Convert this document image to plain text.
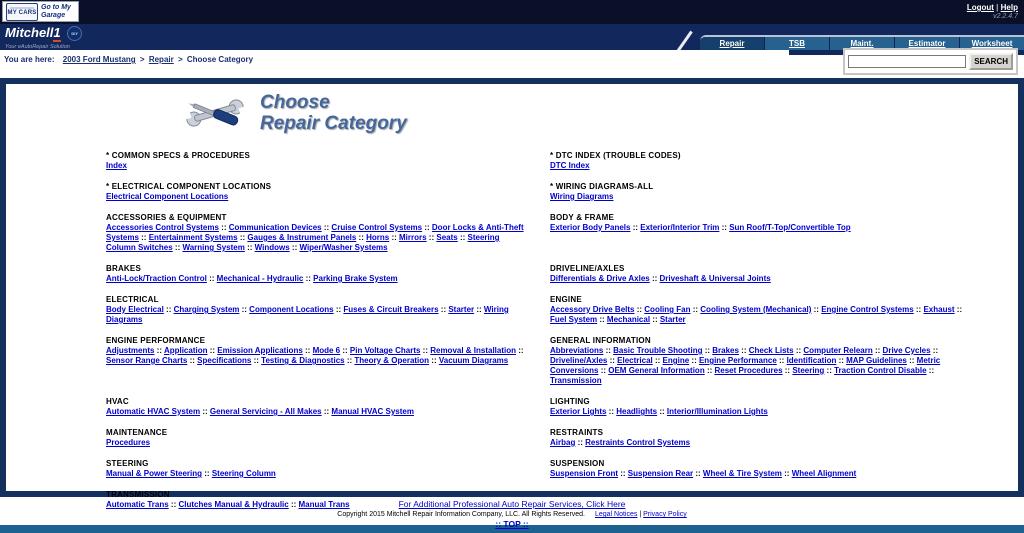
MY CARS
Go to My Garage
Logout | Help
v2.2.4.7
Mitchell1	DIY
Your eAutoRepair Solution	Repair	TSB	Maint.	Estimator	Worksheet
You are here: 2003 Ford Mustang > Repair > Choose Category	SEARCH
Choose
Repair Category
* COMMON SPECS & PROCEDURES
Index
* DTC INDEX (TROUBLE CODES)
DTC Index
* ELECTRICAL COMPONENT LOCATIONS
Electrical Component Locations
* WIRING DIAGRAMS-ALL
Wiring Diagrams
ACCESSORIES & EQUIPMENT
Accessories Control Systems :: Communication Devices :: Cruise Control Systems :: Door Locks & Anti-Theft Systems :: Entertainment Systems :: Gauges & Instrument Panels :: Horns :: Mirrors :: Seats :: Steering Column Switches :: Warning System :: Windows :: Wiper/Washer Systems
BODY & FRAME
Exterior Body Panels :: Exterior/Interior Trim :: Sun Roof/T-Top/Convertible Top
BRAKES
Anti-Lock/Traction Control :: Mechanical - Hydraulic :: Parking Brake System
DRIVELINE/AXLES
Differentials & Drive Axles :: Driveshaft & Universal Joints
ELECTRICAL
Body Electrical :: Charging System :: Component Locations :: Fuses & Circuit Breakers :: Starter :: Wiring Diagrams
ENGINE
Accessory Drive Belts :: Cooling Fan :: Cooling System (Mechanical) :: Engine Control Systems :: Exhaust :: Fuel System :: Mechanical :: Starter
ENGINE PERFORMANCE
Adjustments :: Application :: Emission Applications :: Mode 6 :: Pin Voltage Charts :: Removal & Installation :: Sensor Range Charts :: Specifications :: Testing & Diagnostics :: Theory & Operation :: Vacuum Diagrams
GENERAL INFORMATION
Abbreviations :: Basic Trouble Shooting :: Brakes :: Check Lists :: Computer Relearn :: Drive Cycles :: Driveline/Axles :: Electrical :: Engine :: Engine Performance :: Identification :: MAP Guidelines :: Metric Conversions :: OEM General Information :: Reset Procedures :: Steering :: Traction Control Disable :: Transmission
HVAC
Automatic HVAC System :: General Servicing - All Makes :: Manual HVAC System
LIGHTING
Exterior Lights :: Headlights :: Interior/Illumination Lights
MAINTENANCE
Procedures
RESTRAINTS
Airbag :: Restraints Control Systems
STEERING
Manual & Power Steering :: Steering Column
SUSPENSION
Suspension Front :: Suspension Rear :: Wheel & Tire System :: Wheel Alignment
TRANSMISSION
Automatic Trans :: Clutches Manual & Hydraulic :: Manual Trans	For Additional Professional Auto Repair Services, Click Here
Copyright 2015 Mitchell Repair Information Company, LLC. All Rights Reserved. Legal Notices | Privacy Policy
:: TOP ::
